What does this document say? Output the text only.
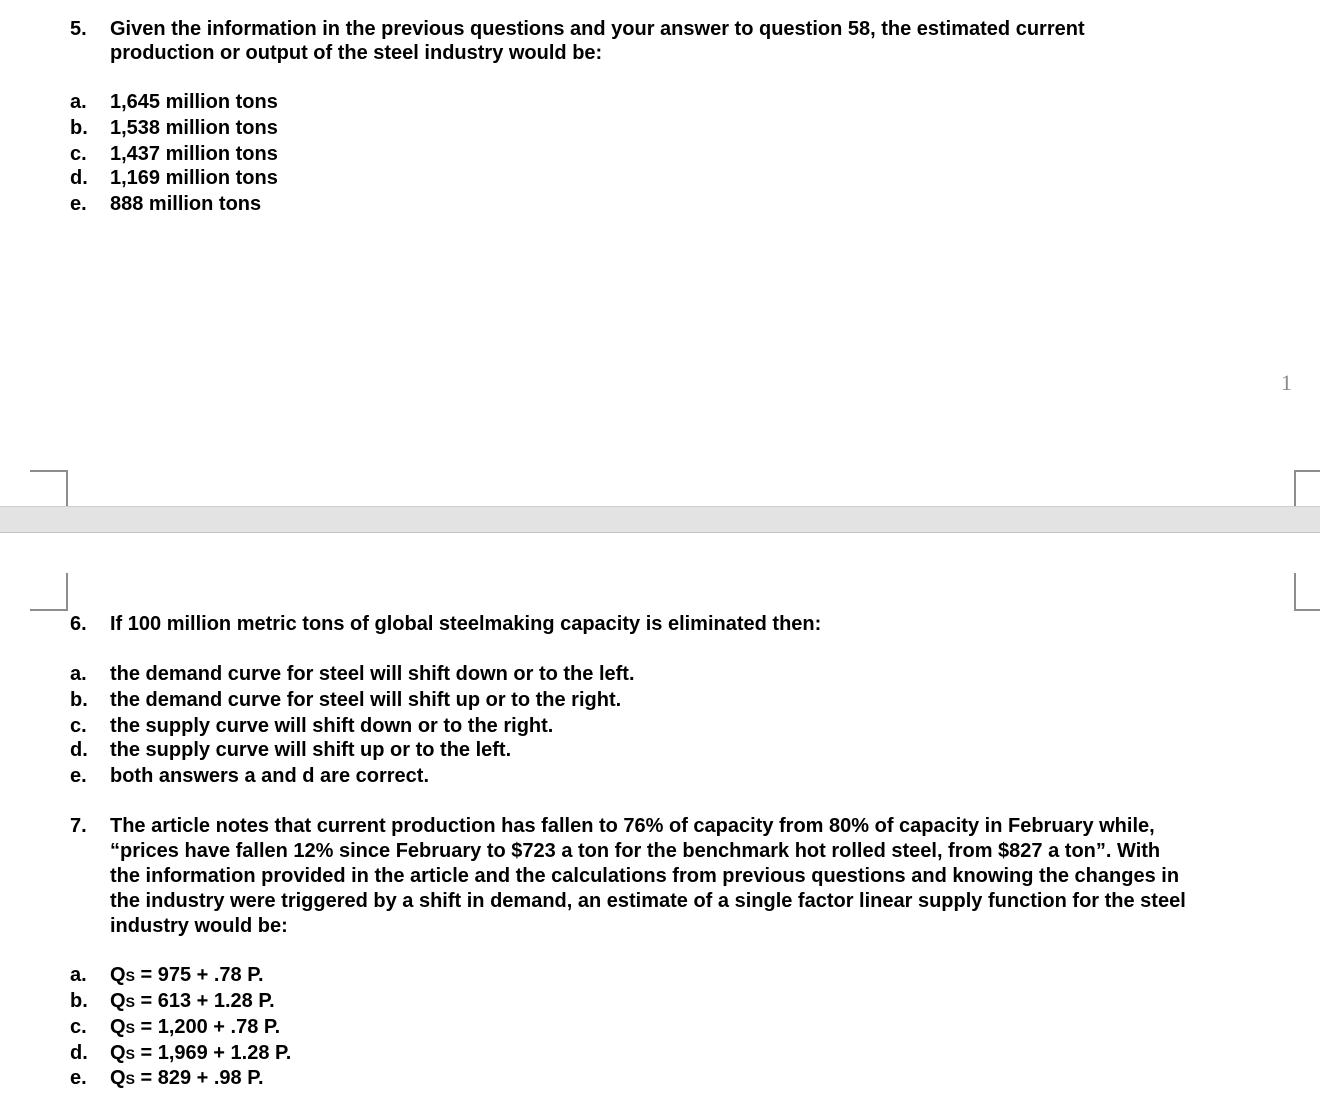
5.	Given the information in the previous questions and your answer to question 58, the estimated current
production or output of the steel industry would be:
a. 1,645 million tons
b. 1,538 million tons
c. 1,437 million tons
d. 1,169 million tons
e. 888 million tons
1
6.	If 100 million metric tons of global steelmaking capacity is eliminated then:
a. the demand curve for steel will shift down or to the left.
b. the demand curve for steel will shift up or to the right.
c. the supply curve will shift down or to the right.
d. the supply curve will shift up or to the left.
e. both answers a and d are correct.
7.	The article notes that current production has fallen to 76% of capacity from 80% of capacity in February while,
“prices have fallen 12% since February to $723 a ton for the benchmark hot rolled steel, from $827 a ton”. With
the information provided in the article and the calculations from previous questions and knowing the changes in
the industry were triggered by a shift in demand, an estimate of a single factor linear supply function for the steel
industry would be:
a. QS = 975 + .78 P.
b. QS = 613 + 1.28 P.
c. QS = 1,200 + .78 P.
d. QS = 1,969 + 1.28 P.
e. QS = 829 + .98 P.
